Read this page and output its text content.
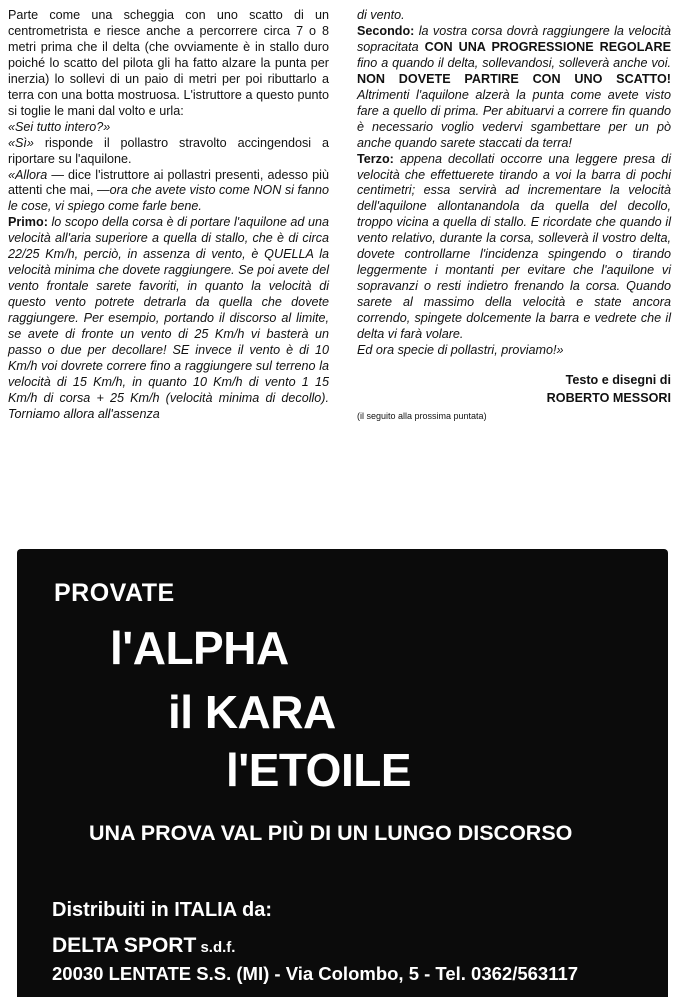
Parte come una scheggia con uno scatto di un centrometrista e riesce anche a percorrere circa 7 o 8 metri prima che il delta (che ovviamente è in stallo duro poiché lo scatto del pilota gli ha fatto alzare la punta per inerzia) lo sollevi di un paio di metri per poi ributtarlo a terra con una botta mostruosa. L'istruttore a questo punto si toglie le mani dal volto e urla:

«Sei tutto intero?»

«Sì» risponde il pollastro stravolto accingendosi a riportare su l'aquilone.

«Allora — dice l'istruttore ai pollastri presenti, adesso più attenti che mai, —ora che avete visto come NON si fanno le cose, vi spiego come farle bene.

Primo: lo scopo della corsa è di portare l'aquilone ad una velocità all'aria superiore a quella di stallo, che è di circa 22/25 Km/h, perciò, in assenza di vento, è QUELLA la velocità minima che dovete raggiungere. Se poi avete del vento frontale sarete favoriti, in quanto la velocità di questo vento potrete detrarla da quella che dovete raggiungere. Per esempio, portando il discorso al limite, se avete di fronte un vento di 25 Km/h vi basterà un passo o due per decollare! SE invece il vento è di 10 Km/h voi dovrete correre fino a raggiungere sul terreno la velocità di 15 Km/h, in quanto 10 Km/h di vento 1 15 Km/h di corsa + 25 Km/h (velocità minima di decollo). Torniamo allora all'assenza

di vento.

Secondo: la vostra corsa dovrà raggiungere la velocità sopracitata CON UNA PROGRESSIONE REGOLARE fino a quando il delta, sollevandosi, solleverà anche voi. NON DOVETE PARTIRE CON UNO SCATTO! Altrimenti l'aquilone alzerà la punta come avete visto fare a quello di prima. Per abituarvi a correre fin quando è necessario voglio vedervi sgambettare per un pò anche quando sarete staccati da terra!

Terzo: appena decollati occorre una leggere presa di velocità che effettuerete tirando a voi la barra di pochi centimetri; essa servirà ad incrementare la velocità dell'aquilone allontanandola da quella del decollo, troppo vicina a quella di stallo. E ricordate che quando il vento relativo, durante la corsa, solleverà il vostro delta, dovete controllarne l'incidenza spingendo o tirando leggermente i montanti per evitare che l'aquilone vi sopravanzi o resti indietro frenando la corsa. Quando sarete al massimo della velocità e state ancora correndo, spingete dolcemente la barra e vedrete che il delta vi farà volare.

Ed ora specie di pollastri, proviamo!»

Testo e disegni di
ROBERTO MESSORI
(il seguito alla prossima puntata)
PROVATE
l'ALPHA
il KARA
l'ETOILE
UNA PROVA VAL PIÙ DI UN LUNGO DISCORSO
Distribuiti in ITALIA da:
DELTA SPORT s.d.f.
20030 LENTATE S.S. (MI) - Via Colombo, 5 - Tel. 0362/563117
